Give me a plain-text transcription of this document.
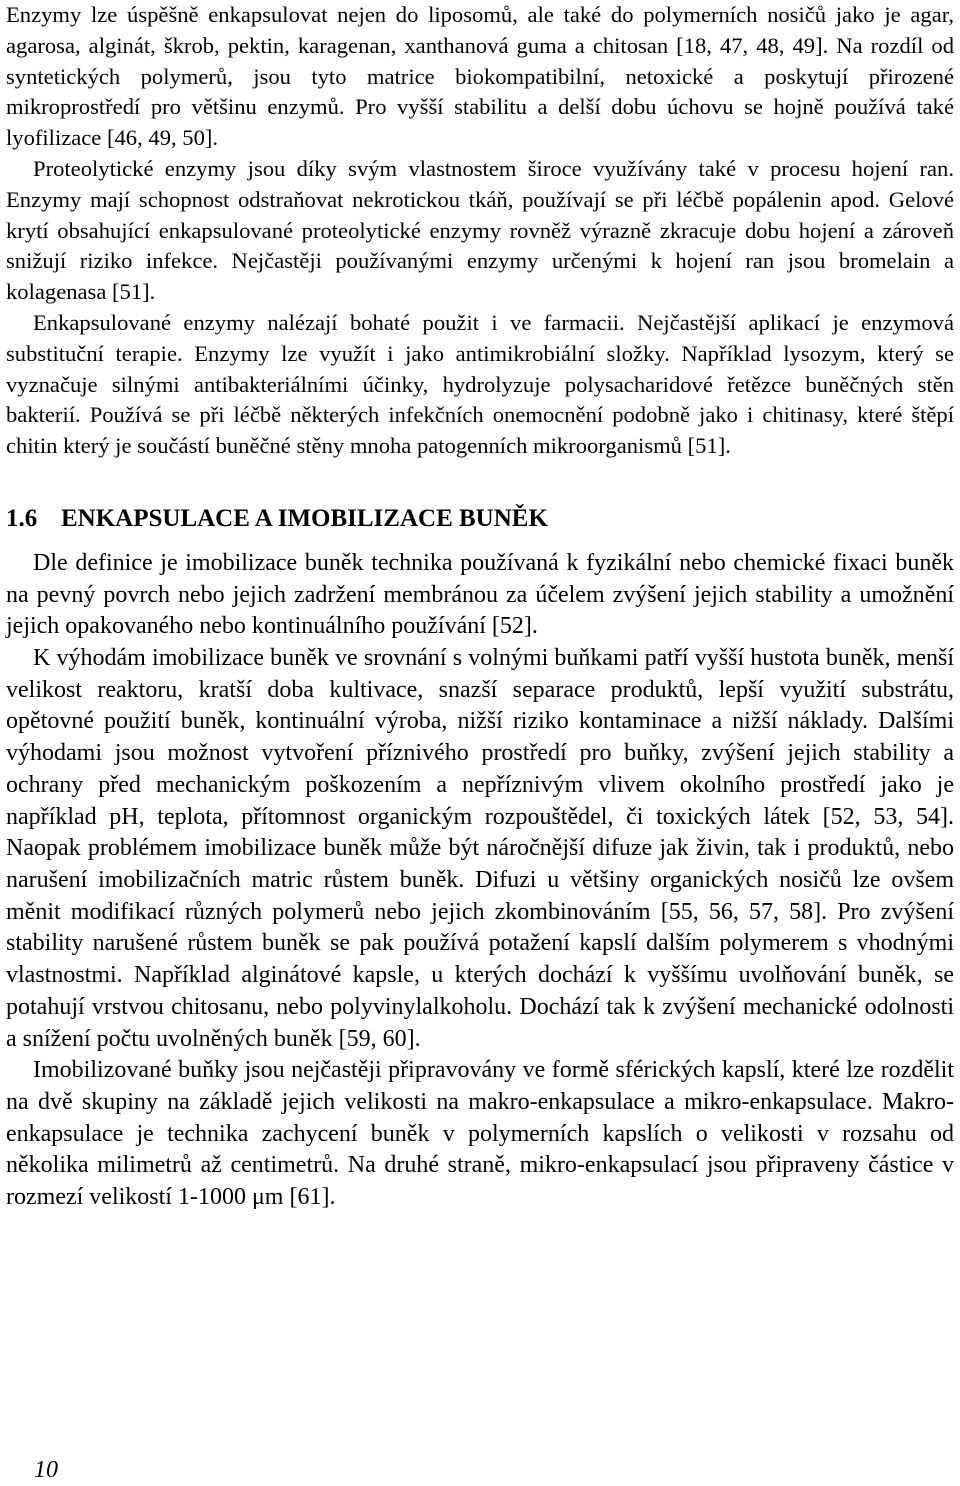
Enzymy lze úspěšně enkapsulovat nejen do liposomů, ale také do polymerních nosičů jako je agar, agarosa, alginát, škrob, pektin, karagenan, xanthanová guma a chitosan [18, 47, 48, 49]. Na rozdíl od syntetických polymerů, jsou tyto matrice biokompatibilní, netoxické a poskytují přirozené mikroprostředí pro většinu enzymů. Pro vyšší stabilitu a delší dobu úchovu se hojně používá také lyofilizace [46, 49, 50].

Proteolytické enzymy jsou díky svým vlastnostem široce využívány také v procesu hojení ran. Enzymy mají schopnost odstraňovat nekrotickou tkáň, používají se při léčbě popálenin apod. Gelové krytí obsahující enkapsulované proteolytické enzymy rovněž výrazně zkracuje dobu hojení a zároveň snižují riziko infekce. Nejčastěji používanými enzymy určenými k hojení ran jsou bromelain a kolagenasa [51].

Enkapsulované enzymy nalézají bohaté použit i ve farmacii. Nejčastější aplikací je enzymová substituční terapie. Enzymy lze využít i jako antimikrobiální složky. Například lysozym, který se vyznačuje silnými antibakteriálními účinky, hydrolyzuje polysacharidové řetězce buněčných stěn bakterií. Používá se při léčbě některých infekčních onemocnění podobně jako i chitinasy, které štěpí chitin který je součástí buněčné stěny mnoha patogenních mikroorganismů [51].

1.6 ENKAPSULACE A IMOBILIZACE BUNĚK

Dle definice je imobilizace buněk technika používaná k fyzikální nebo chemické fixaci buněk na pevný povrch nebo jejich zadržení membránou za účelem zvýšení jejich stability a umožnění jejich opakovaného nebo kontinuálního používání [52].

K výhodám imobilizace buněk ve srovnání s volnými buňkami patří vyšší hustota buněk, menší velikost reaktoru, kratší doba kultivace, snazší separace produktů, lepší využití substrátu, opětovné použití buněk, kontinuální výroba, nižší riziko kontaminace a nižší náklady. Dalšími výhodami jsou možnost vytvoření příznivého prostředí pro buňky, zvýšení jejich stability a ochrany před mechanickým poškozením a nepříznivým vlivem okolního prostředí jako je například pH, teplota, přítomnost organickým rozpouštědel, či toxických látek [52, 53, 54]. Naopak problémem imobilizace buněk může být náročnější difuze jak živin, tak i produktů, nebo narušení imobilizačních matric růstem buněk. Difuzi u většiny organických nosičů lze ovšem měnit modifikací různých polymerů nebo jejich zkombinováním [55, 56, 57, 58]. Pro zvýšení stability narušené růstem buněk se pak používá potažení kapslí dalším polymerem s vhodnými vlastnostmi. Například alginátové kapsle, u kterých dochází k vyššímu uvolňování buněk, se potahují vrstvou chitosanu, nebo polyvinylalkoholu. Dochází tak k zvýšení mechanické odolnosti a snížení počtu uvolněných buněk [59, 60].

Imobilizované buňky jsou nejčastěji připravovány ve formě sférických kapslí, které lze rozdělit na dvě skupiny na základě jejich velikosti na makro-enkapsulace a mikro-enkapsulace. Makro-enkapsulace je technika zachycení buněk v polymerních kapslích o velikosti v rozsahu od několika milimetrů až centimetrů. Na druhé straně, mikro-enkapsulací jsou připraveny částice v rozmezí velikostí 1-1000 μm [61].

10
